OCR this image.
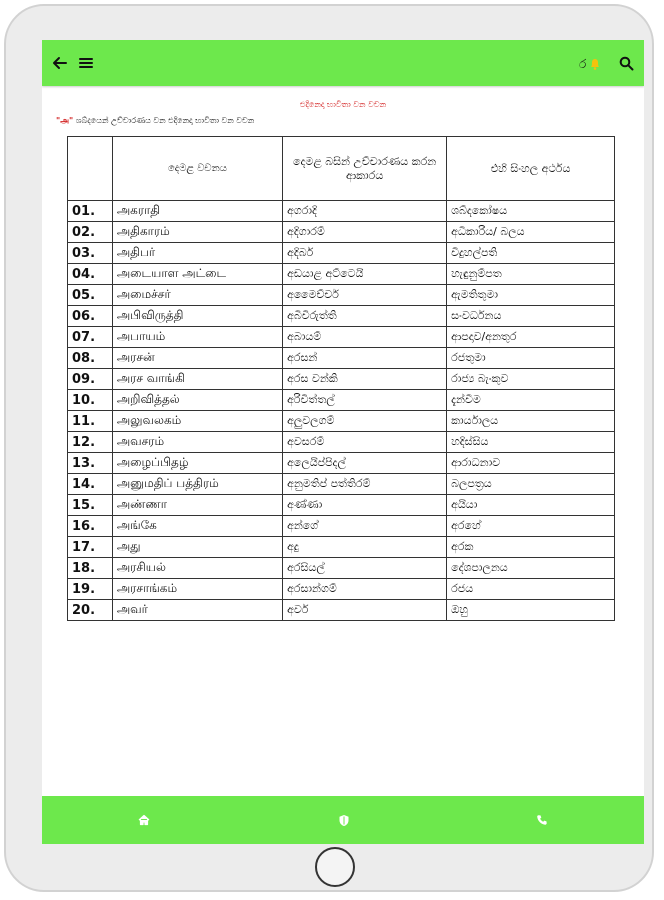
ර
එදිනෙදා භාවිතා වන වචන
"அ" ශබ්දයෙන් උච්චාරණය වන එදිනෙදා භාවිතා වන වචන
	දෙමළ වචනය	දෙමළ බසින් උච්චාරණය කරන ආකාරය	එහි සිංහල අර්ථය
01.	அகராதி	අගරාදි	ශබ්දකෝෂය
02.	அதிகாரம்	අදිගාරම්	අධිකාරිය/ බලය
03.	அதிபர்	අදිබර්	විදුහල්පති
04.	அடையாள அட்டை	අඩයාළ අට්ටෙයි	හැඳුනුම්පත
05.	அமைச்சர்	අමෛච්චර්	ඇමතිතුමා
06.	அபிவிருத்தி	අබිවිරුත්ති	සංවර්ධනය
07.	அபாயம்	අබායම්	ආපදාව/අනතුර
08.	அரசன்	අරසන්	රජතුමා
09.	அரச வாங்கி	අරස වන්කි	රාජ්‍ය බැංකුව
10.	அறிவித்தல்	අරිවිත්තල්	දැන්වීම
11.	அலுவலகம்	අලුවලගම්	කාර්යාලය
12.	அவசரம்	අවසරම්	හදිස්සිය
13.	அழைப்பிதழ்	අලෙයිප්පිදල්	ආරාධනාව
14.	அனுமதிப் பத்திரம்	අනුමතිප් පත්තිරම්	බලපත්‍රය
15.	அண்ணா	අණ්ණා	අයියා
16.	அங்கே	අන්ගේ	අරහේ
17.	அது	අදු	අරක
18.	அரசியல்	අරසියල්	දේශපාලනය
19.	அரசாங்கம்	අරසාන්ගම්	රජය
20.	அவர்	අවර්	ඔහු
